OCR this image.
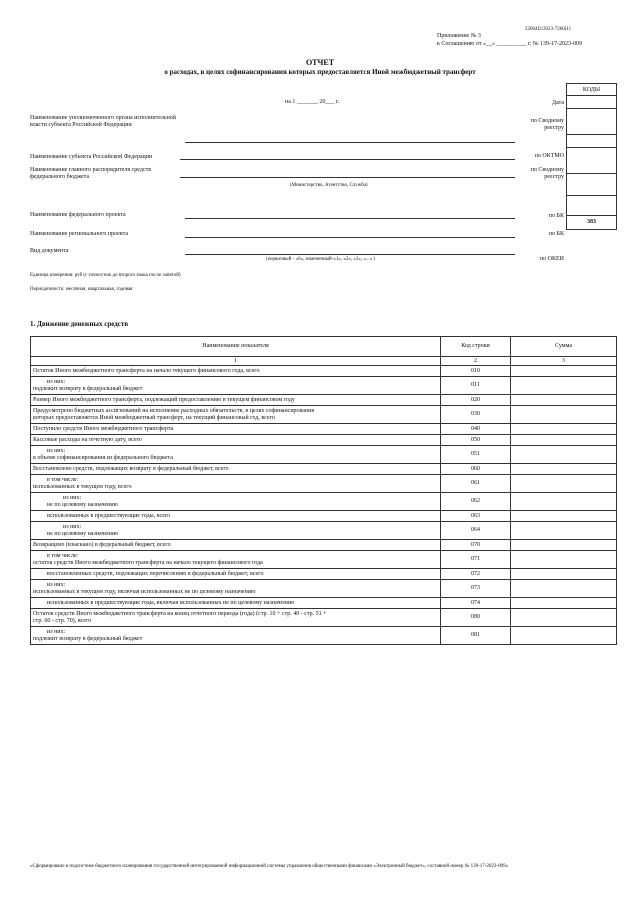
22604I2/2023-7260(1)
Приложение № 3
к Соглашению от «__» __________ г. № 139-17-2023-009
ОТЧЕТ
о расходах, в целях софинансирования которых предоставляется Иной межбюджетный трансферт
КОДЫ
383
на 1 _______ 20___ г.	Дата
по Сводному реестру
по ОКТМО
по Сводному реестру
по БК
по БК
по ОКЕИ
Наименование уполномоченного органа исполнительной власти субъекта Российской Федерации
Наименование субъекта Российской Федерации
Наименование главного распорядителя средств федерального бюджета
(Министерство, Агентство, Служба)
Наименование федерального проекта
Наименование регионального проекта
Вид документа
(первичный - «0», измененный-«1», «2», «3», «...» )
Единица измерения: руб (с точностью до второго знака после запятой)
Периодичность: месячная, квартальная, годовая
1. Движение денежных средств
Наименование показателя	Код строки	Сумма
1	2	3

Остаток Иного межбюджетного трансферта на начало текущего финансового года, всего	010	

из них:
подлежит возврату в федеральный бюджет	011	

Размер Иного межбюджетного трансферта, подлежащий предоставлению в текущем финансовом году	020	

Предусмотрено бюджетных ассигнований на исполнение расходных обязательств, в целях софинансирования
которых предоставляется Иной межбюджетный трансферт, на текущий финансовый год, всего	030	

Поступило средств Иного межбюджетного трансферта	040	

Кассовые расходы на отчетную дату, всего	050	

из них:
в объеме софинансирования из федерального бюджета	051	

Восстановлено средств, подлежащих возврату в федеральный бюджет, всего	060	

в том числе:
использованных в текущем году, всего	061	

из них:
не по целевому назначению	062	

использованных в предшествующие годы, всего	063	

из них:
не по целевому назначению	064	

Возвращено (взыскано) в федеральный бюджет, всего	070	

в том числе:
остаток средств Иного межбюджетного трансферта на начало текущего финансового года	071	

восстановленных средств, подлежащих перечислению в федеральный бюджет, всего	072	

из них:
использованных в текущем году, включая использованных не по целевому назначению	073	

использованных в предшествующие годы, включая использованных не по целевому назначению	074	

Остаток средств Иного межбюджетного трансферта на конец отчетного периода (года) (стр. 10 + стр. 40 - стр. 51 +
стр. 60 - стр. 70), всего	080	

из них:
подлежит возврату в федеральный бюджет	081	
«Сформировано в подсистеме бюджетного планирования государственной интегрированной информационной системы управления общественными финансами «Электронный бюджет», составной номер № 139-17-2023-009»
